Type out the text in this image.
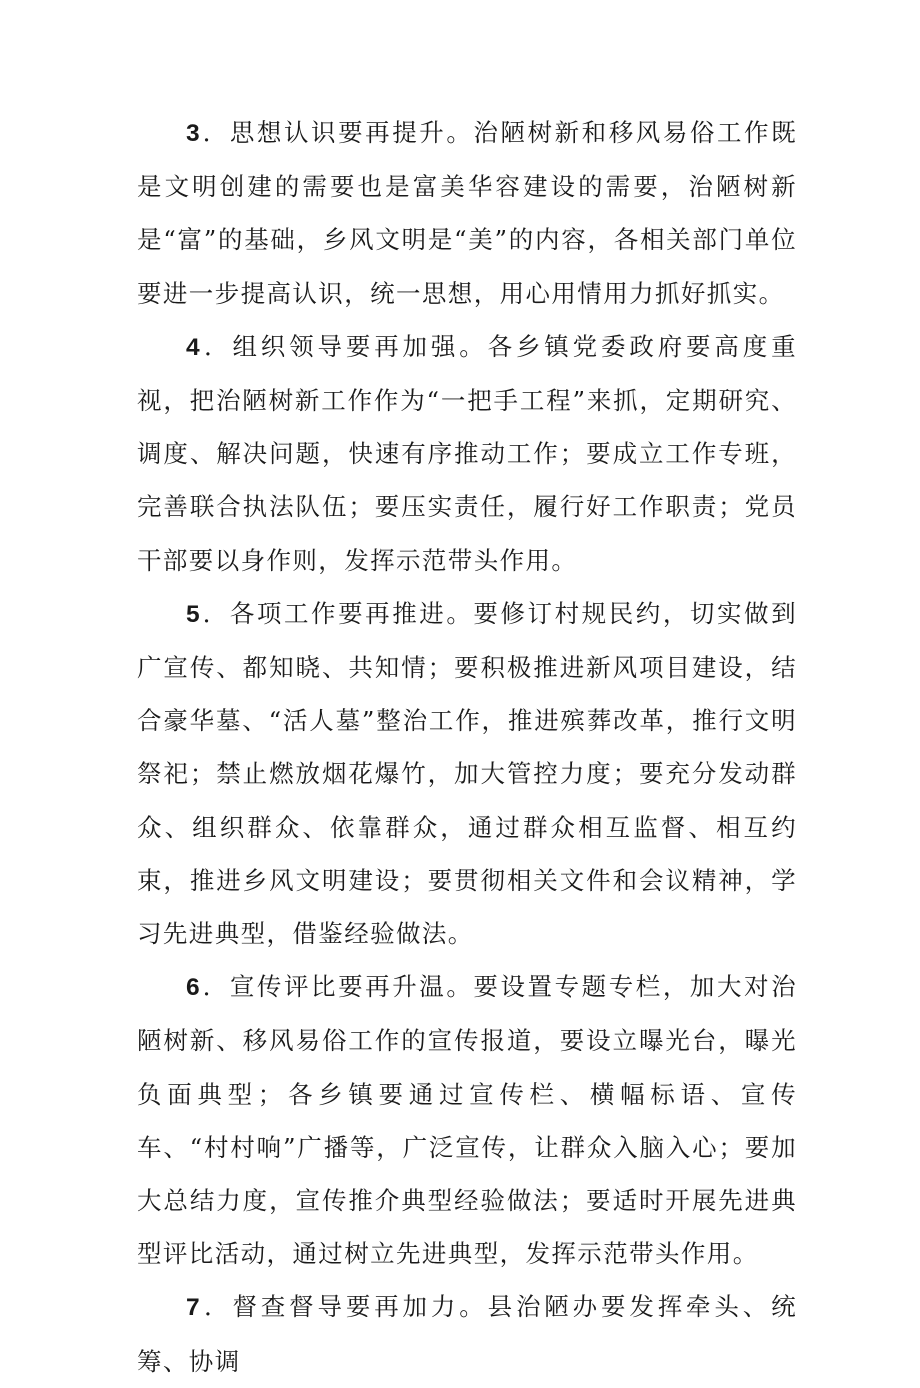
3．思想认识要再提升。治陋树新和移风易俗工作既是文明创建的需要也是富美华容建设的需要，治陋树新是“富”的基础，乡风文明是“美”的内容，各相关部门单位要进一步提高认识，统一思想，用心用情用力抓好抓实。

4．组织领导要再加强。各乡镇党委政府要高度重视，把治陋树新工作作为“一把手工程”来抓，定期研究、调度、解决问题，快速有序推动工作；要成立工作专班，完善联合执法队伍；要压实责任，履行好工作职责；党员干部要以身作则，发挥示范带头作用。

5．各项工作要再推进。要修订村规民约，切实做到广宣传、都知晓、共知情；要积极推进新风项目建设，结合豪华墓、“活人墓”整治工作，推进殡葬改革，推行文明祭祀；禁止燃放烟花爆竹，加大管控力度；要充分发动群众、组织群众、依靠群众，通过群众相互监督、相互约束，推进乡风文明建设；要贯彻相关文件和会议精神，学习先进典型，借鉴经验做法。

6．宣传评比要再升温。要设置专题专栏，加大对治陋树新、移风易俗工作的宣传报道，要设立曝光台，曝光负面典型；各乡镇要通过宣传栏、横幅标语、宣传车、“村村响”广播等，广泛宣传，让群众入脑入心；要加大总结力度，宣传推介典型经验做法；要适时开展先进典型评比活动，通过树立先进典型，发挥示范带头作用。

7．督查督导要再加力。县治陋办要发挥牵头、统筹、协调
